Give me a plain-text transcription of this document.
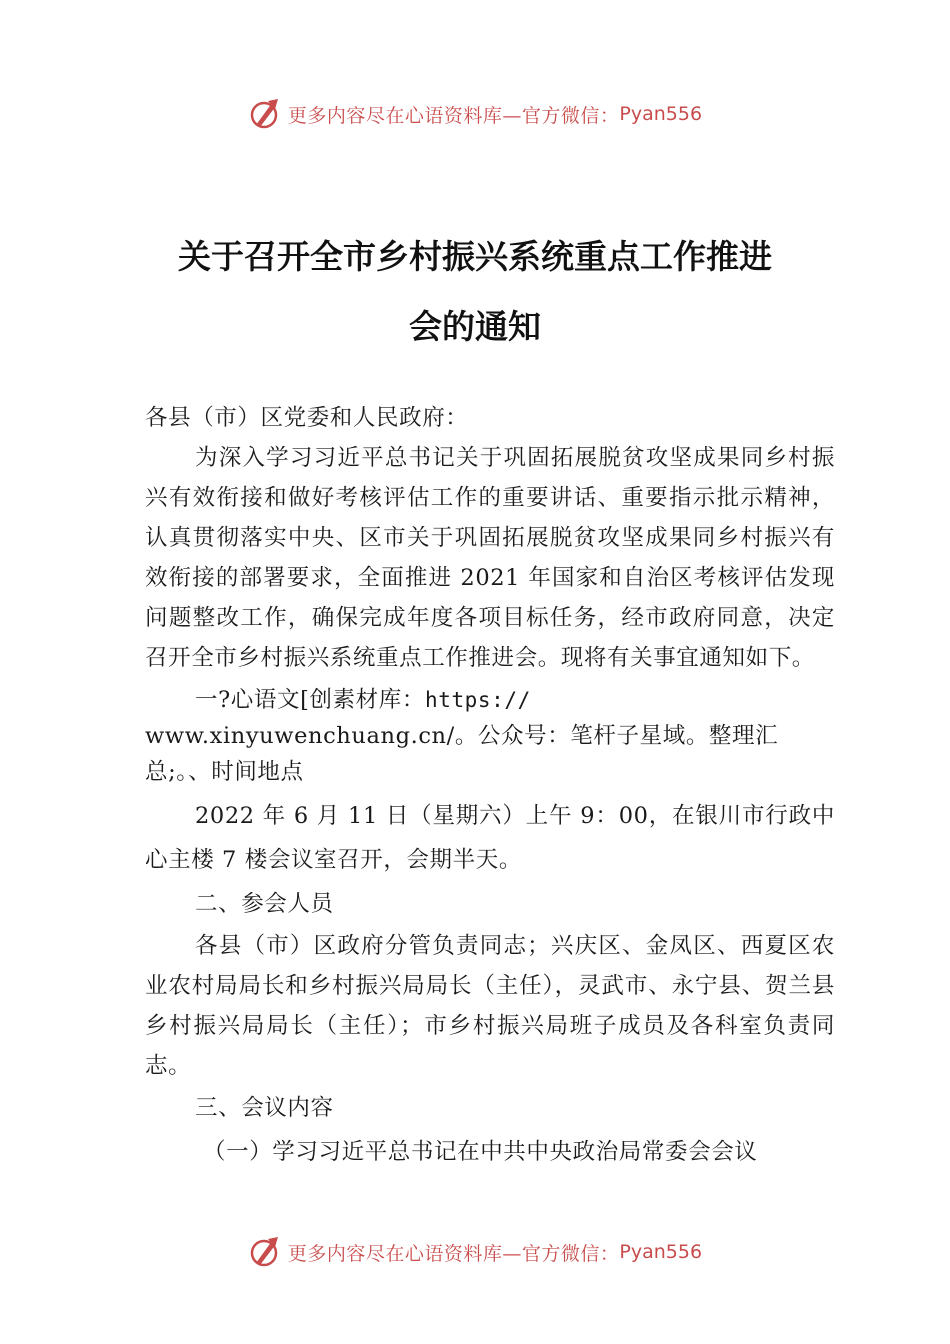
更多内容尽在心语资料库—官方微信： Pyan556
关于召开全市乡村振兴系统重点工作推进
会的通知

各县（市）区党委和人民政府：

为深入学习习近平总书记关于巩固拓展脱贫攻坚成果同乡村振兴有效衔接和做好考核评估工作的重要讲话、重要指示批示精神，认真贯彻落实中央、区市关于巩固拓展脱贫攻坚成果同乡村振兴有效衔接的部署要求，全面推进 2021 年国家和自治区考核评估发现问题整改工作，确保完成年度各项目标任务，经市政府同意，决定召开全市乡村振兴系统重点工作推进会。现将有关事宜通知如下。

一?心语文[创素材库：https://

www.xinyuwenchuang.cn/。公众号：笔杆子星域。整理汇

总;。、时间地点

2022 年 6 月 11 日（星期六）上午 9：00，在银川市行政中心主楼 7 楼会议室召开，会期半天。

二、参会人员

各县（市）区政府分管负责同志；兴庆区、金凤区、西夏区农业农村局局长和乡村振兴局局长（主任），灵武市、永宁县、贺兰县乡村振兴局局长（主任）；市乡村振兴局班子成员及各科室负责同志。

三、会议内容

（一）学习习近平总书记在中共中央政治局常委会会议

更多内容尽在心语资料库—官方微信： Pyan556
